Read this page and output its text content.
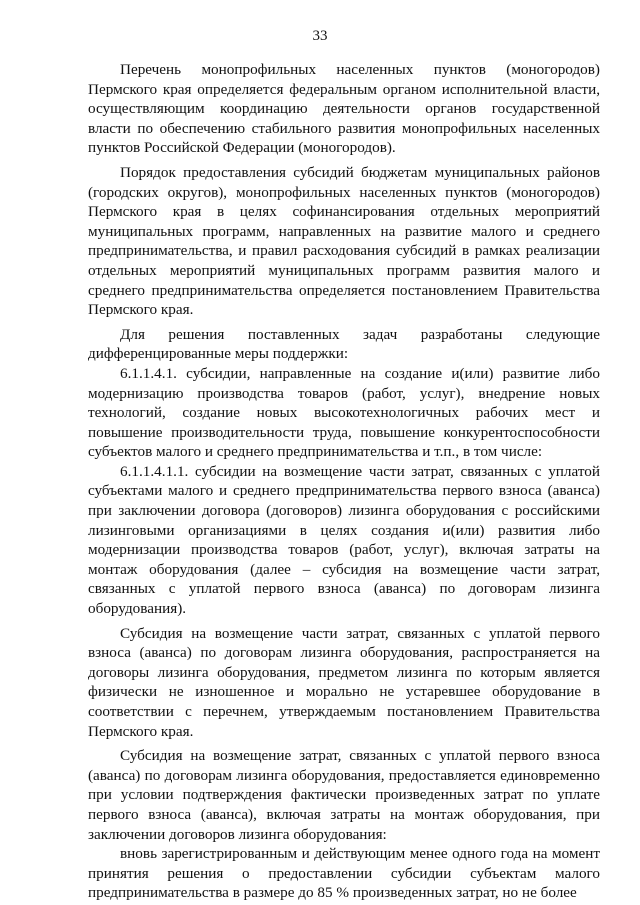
33

Перечень монопрофильных населенных пунктов (моногородов) Пермского края определяется федеральным органом исполнительной власти, осуществляющим координацию деятельности органов государственной власти по обеспечению стабильного развития монопрофильных населенных пунктов Российской Федерации (моногородов).

Порядок предоставления субсидий бюджетам муниципальных районов (городских округов), монопрофильных населенных пунктов (моногородов) Пермского края в целях софинансирования отдельных мероприятий муниципальных программ, направленных на развитие малого и среднего предпринимательства, и правил расходования субсидий в рамках реализации отдельных мероприятий муниципальных программ развития малого и среднего предпринимательства определяется постановлением Правительства Пермского края.

Для решения поставленных задач разработаны следующие дифференцированные меры поддержки:

6.1.1.4.1. субсидии, направленные на создание и(или) развитие либо модернизацию производства товаров (работ, услуг), внедрение новых технологий, создание новых высокотехнологичных рабочих мест и повышение производительности труда, повышение конкурентоспособности субъектов малого и среднего предпринимательства и т.п., в том числе:

6.1.1.4.1.1. субсидии на возмещение части затрат, связанных с уплатой субъектами малого и среднего предпринимательства первого взноса (аванса) при заключении договора (договоров) лизинга оборудования с российскими лизинговыми организациями в целях создания и(или) развития либо модернизации производства товаров (работ, услуг), включая затраты на монтаж оборудования (далее – субсидия на возмещение части затрат, связанных с уплатой первого взноса (аванса) по договорам лизинга оборудования).

Субсидия на возмещение части затрат, связанных с уплатой первого взноса (аванса) по договорам лизинга оборудования, распространяется на договоры лизинга оборудования, предметом лизинга по которым является физически не изношенное и морально не устаревшее оборудование в соответствии с перечнем, утверждаемым постановлением Правительства Пермского края.

Субсидия на возмещение затрат, связанных с уплатой первого взноса (аванса) по договорам лизинга оборудования, предоставляется единовременно при условии подтверждения фактически произведенных затрат по уплате первого взноса (аванса), включая затраты на монтаж оборудования, при заключении договоров лизинга оборудования:

вновь зарегистрированным и действующим менее одного года на момент принятия решения о предоставлении субсидии субъектам малого предпринимательства в размере до 85 % произведенных затрат, но не более
